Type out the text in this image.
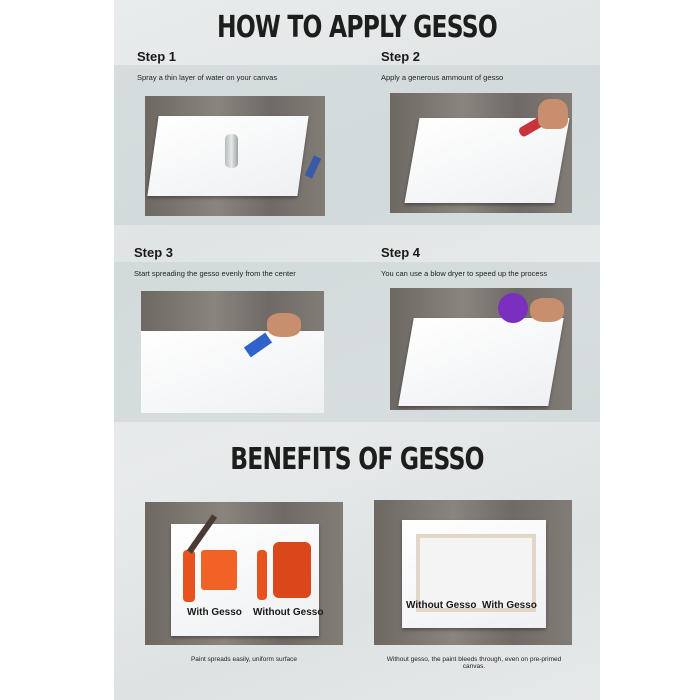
HOW TO APPLY GESSO
Step 1
Spray a thin layer of water on your canvas
Step 2
Apply a generous ammount of gesso
Step 3
Start spreading the gesso evenly from the center
Step 4
You can use a blow dryer to speed up the process
BENEFITS OF GESSO
With Gesso Without Gesso
Paint spreads easily, uniform surface
Without Gesso With Gesso
Without gesso, the paint bleeds through, even on pre-primed canvas.
